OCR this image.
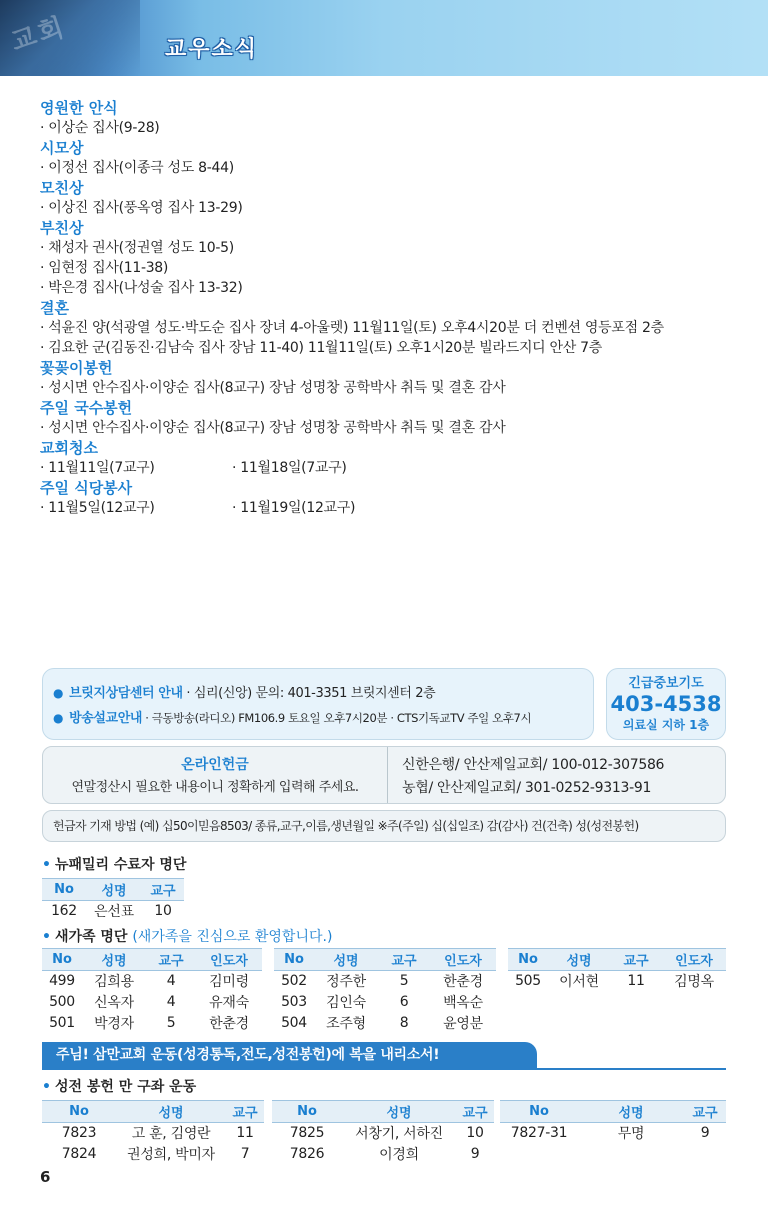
교회	교우소식
영원한 안식
· 이상순 집사(9-28)
시모상
· 이정선 집사(이종극 성도 8-44)
모친상
· 이상진 집사(풍옥영 집사 13-29)
부친상
· 채성자 권사(정권열 성도 10-5)
· 임현정 집사(11-38)
· 박은경 집사(나성술 집사 13-32)
결혼
· 석윤진 양(석광열 성도·박도순 집사 장녀 4-아울렛) 11월11일(토) 오후4시20분 더 컨벤션 영등포점 2층
· 김요한 군(김동진·김남숙 집사 장남 11-40) 11월11일(토) 오후1시20분 빌라드지디 안산 7층
꽃꽂이봉헌
· 성시면 안수집사·이양순 집사(8교구) 장남 성명창 공학박사 취득 및 결혼 감사
주일 국수봉헌
· 성시면 안수집사·이양순 집사(8교구) 장남 성명창 공학박사 취득 및 결혼 감사
교회청소
· 11월11일(7교구)	· 11월18일(7교구)
주일 식당봉사
· 11월5일(12교구)	· 11월19일(12교구)
● 브릿지상담센터 안내 · 심리(신앙) 문의: 401-3351 브릿지센터 2층
● 방송설교안내 · 극동방송(라디오) FM106.9 토요일 오후7시20분 · CTS기독교TV 주일 오후7시
긴급중보기도
403-4538
의료실 지하 1층
온라인헌금
연말정산시 필요한 내용이니 정확하게 입력해 주세요.
신한은행/ 안산제일교회/ 100-012-307586
농협/ 안산제일교회/ 301-0252-9313-91
헌금자 기재 방법 (예) 십50이믿음8503/ 종류,교구,이름,생년월일 ※주(주일) 십(십일조) 감(감사) 건(건축) 성(성전봉헌)
• 뉴패밀리 수료자 명단
No	성명	교구
162	은선표	10
• 새가족 명단 (새가족을 진심으로 환영합니다.)
No	성명	교구	인도자
499	김희용	4	김미령
500	신옥자	4	유재숙
501	박경자	5	한춘경
No	성명	교구	인도자
502	정주한	5	한춘경
503	김인숙	6	백옥순
504	조주형	8	윤영분
No	성명	교구	인도자
505	이서현	11	김명옥
주님! 삼만교회 운동(성경통독,전도,성전봉헌)에 복을 내리소서!
• 성전 봉헌 만 구좌 운동
No	성명	교구
7823	고 훈, 김영란	11
7824	권성희, 박미자	7
No	성명	교구
7825	서창기, 서하진	10
7826	이경희	9
No	성명	교구
7827-31	무명	9
6
